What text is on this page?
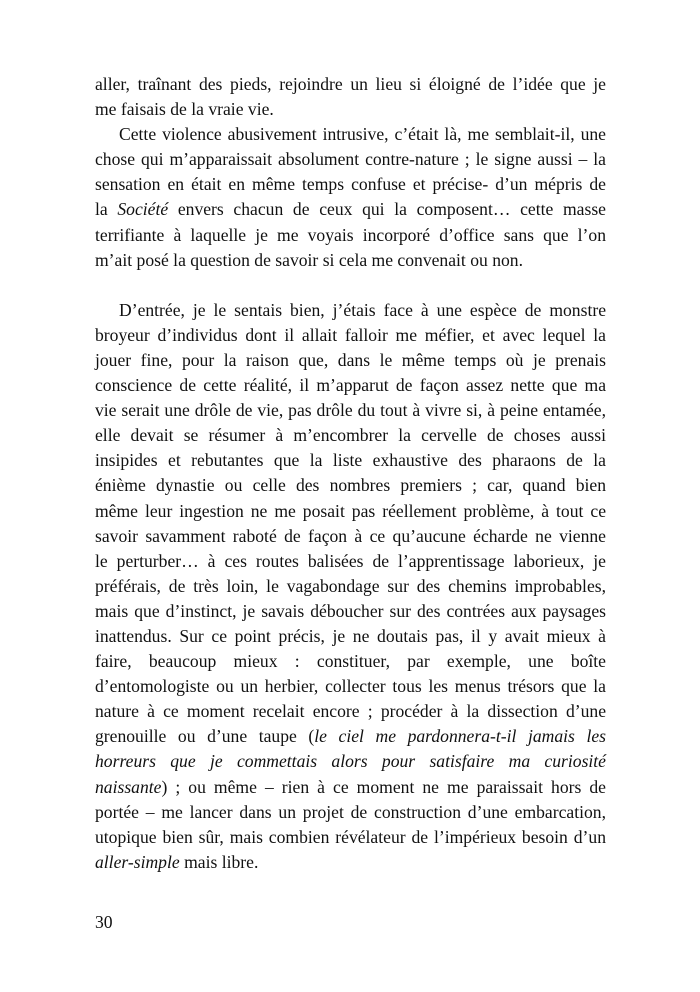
aller, traînant des pieds, rejoindre un lieu si éloigné de l’idée que je
me faisais de la vraie vie.
Cette violence abusivement intrusive, c’était là, me semblait-il, une
chose qui m’apparaissait absolument contre-nature ; le signe aussi – la
sensation en était en même temps confuse et précise- d’un mépris de
la Société envers chacun de ceux qui la composent… cette masse
terrifiante à laquelle je me voyais incorporé d’office sans que l’on
m’ait posé la question de savoir si cela me convenait ou non.
D’entrée, je le sentais bien, j’étais face à une espèce de monstre
broyeur d’individus dont il allait falloir me méfier, et avec lequel la
jouer fine, pour la raison que, dans le même temps où je prenais
conscience de cette réalité, il m’apparut de façon assez nette que ma
vie serait une drôle de vie, pas drôle du tout à vivre si, à peine entamée,
elle devait se résumer à m’encombrer la cervelle de choses aussi
insipides et rebutantes que la liste exhaustive des pharaons de la
énième dynastie ou celle des nombres premiers ; car, quand bien
même leur ingestion ne me posait pas réellement problème, à tout ce
savoir savamment raboté de façon à ce qu’aucune écharde ne vienne
le perturber… à ces routes balisées de l’apprentissage laborieux, je
préférais, de très loin, le vagabondage sur des chemins improbables,
mais que d’instinct, je savais déboucher sur des contrées aux paysages
inattendus. Sur ce point précis, je ne doutais pas, il y avait mieux à
faire, beaucoup mieux : constituer, par exemple, une boîte
d’entomologiste ou un herbier, collecter tous les menus trésors que la
nature à ce moment recelait encore ; procéder à la dissection d’une
grenouille ou d’une taupe (le ciel me pardonnera-t-il jamais les
horreurs que je commettais alors pour satisfaire ma curiosité
naissante) ; ou même – rien à ce moment ne me paraissait hors de
portée – me lancer dans un projet de construction d’une embarcation,
utopique bien sûr, mais combien révélateur de l’impérieux besoin d’un
aller-simple mais libre.
30
